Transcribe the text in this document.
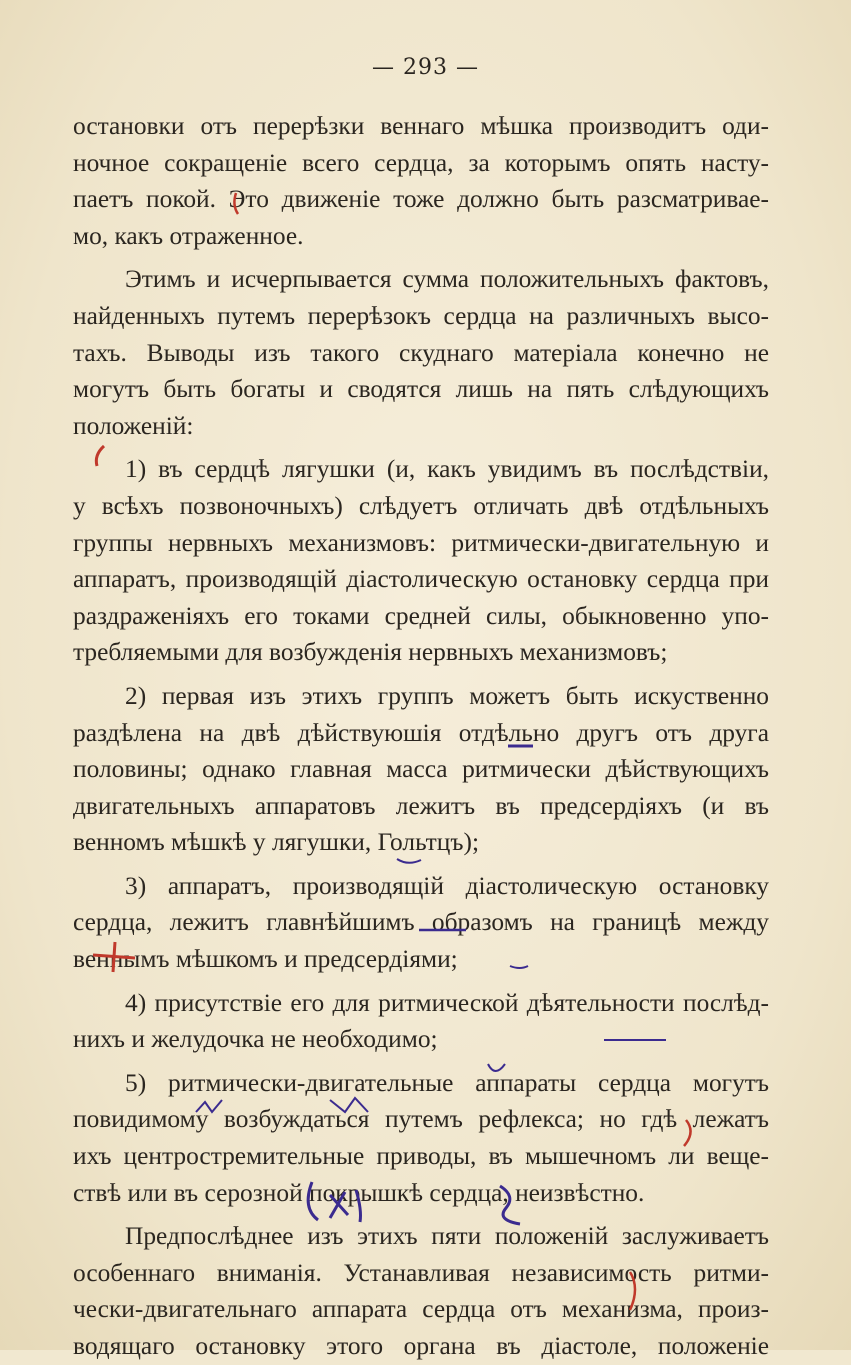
— 293 —
остановки отъ перерѣзки веннаго мѣшка производитъ оди-
ночное сокращенiе всего сердца, за которымъ опять насту-
паетъ покой. Это движенiе тоже должно быть разсматривае-
мо, какъ отраженное.
Этимъ и исчерпывается сумма положительныхъ фактовъ,
найденныхъ путемъ перерѣзокъ сердца на различныхъ высо-
тахъ. Выводы изъ такого скуднаго матерiала конечно не
могутъ быть богаты и сводятся лишь на пять слѣдующихъ
положенiй:
1) въ сердцѣ лягушки (и, какъ увидимъ въ послѣдствiи,
у всѣхъ позвоночныхъ) слѣдуетъ отличать двѣ отдѣльныхъ
группы нервныхъ механизмовъ: ритмически-двигательную и
аппаратъ, производящiй дiастолическую остановку сердца при
раздраженiяхъ его токами средней силы, обыкновенно упо-
требляемыми для возбужденiя нервныхъ механизмовъ;
2) первая изъ этихъ группъ можетъ быть искуственно
раздѣлена на двѣ дѣйствуюшiя отдѣльно другъ отъ друга
половины; однако главная масса ритмически дѣйствующихъ
двигательныхъ аппаратовъ лежитъ въ предсердiяхъ (и въ
венномъ мѣшкѣ у лягушки, Гольтцъ);
3) аппаратъ, производящiй дiастолическую остановку
сердца, лежитъ главнѣйшимъ образомъ на границѣ между
веннымъ мѣшкомъ и предсердiями;
4) присутствiе его для ритмической дѣятельности послѣд-
нихъ и желудочка не необходимо;
5) ритмически-двигательные аппараты сердца могутъ
повидимому возбуждаться путемъ рефлекса; но гдѣ лежатъ
ихъ центростремительные приводы, въ мышечномъ ли веще-
ствѣ или въ серозной покрышкѣ сердца, неизвѣстно.
Предпослѣднее изъ этихъ пяти положенiй заслуживаетъ
особеннаго вниманiя. Устанавливая независимость ритми-
чески-двигательнаго аппарата сердца отъ механизма, произ-
водящаго остановку этого органа въ дiастоле, положенiе
